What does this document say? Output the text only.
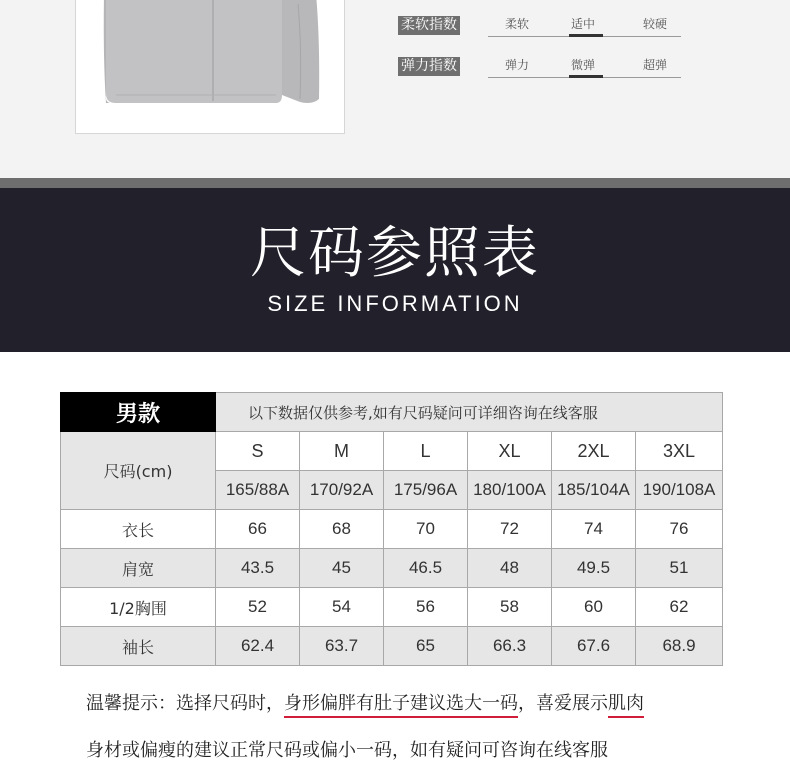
柔软指数	柔软	适中	较硬
弹力指数	弹力	微弹	超弹
尺码参照表
SIZE INFORMATION
男款	以下数据仅供参考,如有尺码疑问可详细咨询在线客服					
尺码(cm)	S	M	L	XL	2XL	3XL
	165/88A	170/92A	175/96A	180/100A	185/104A	190/108A
衣长	66	68	70	72	74	76
肩宽	43.5	45	46.5	48	49.5	51
1/2胸围	52	54	56	58	60	62
袖长	62.4	63.7	65	66.3	67.6	68.9
温馨提示：选择尺码时，身形偏胖有肚子建议选大一码，喜爱展示肌肉
身材或偏瘦的建议正常尺码或偏小一码，如有疑问可咨询在线客服
